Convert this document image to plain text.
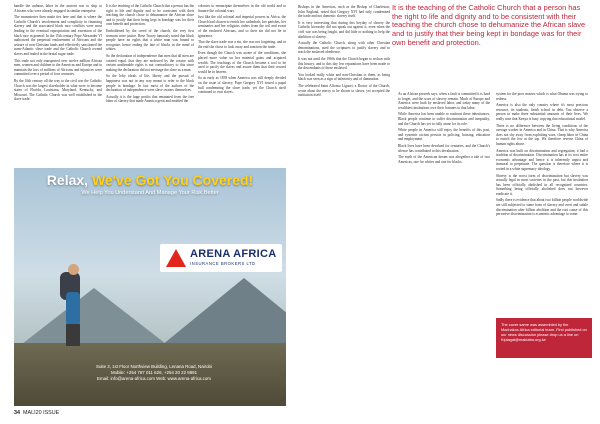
handle the ardnous labor in the ancient war to ship to Africans who were already engaged in similar enterprise.

The monasteries then made ties here and that is where the Catholic Church's involvement and complicity in financing slavery and the associated black race conflicts were most leading to the eventual expropriation and extension of the black race in general. In the 15th century Pope Alexander VI authorized the perpetual enslavement of Africans and the seizure of non-Christian lands and effectively sanctioned the trans-Atlantic slave trade and the Catholic Church owned slaves and traded in the brutal sugar trade.

This trade not only transported over twelve million African men, women and children to the Americas and Europe and to maintain the loss of millions of Africans and injustices were committed over a period of four centuries.

By the 16th century all the way to the civil war the Catholic Church was the largest slaveholder in what were to become states of Florida, Louisiana, Maryland, Kentucky, and Missouri. The Catholic Church was well established in the slave trade.

It is the teaching of the Catholic Church that a person has the right to life and dignity and to be consistent with their teaching the church chose to dehumanize the African slave and to justify that their being kept in bondage was for their own benefit and protection.

Emboldened by the creed of the church, the very first sermons were justice. Rose Tracey famously noted that black people have no rights that a white man was bound to recognize, hence ending the fate of blacks in the mind of whites.

So the declaration of independence that men that all men are created equal, that they are endowed by the creator with certain unalienable rights is not contradictory to this since making the declaration did not envisage the slave as a man.

So the lofty ideals of life, liberty and the pursuit of happiness was not in any way meant to refer to the black people in bondage. In fact most of the authors of the declaration of independence were slave owners themselves.

Actually it is the huge profits that emanated from the free labor of slavery that made America great and enabled the

colonies to emancipate themselves in the old world and to finance the colonial wars.

Just like the old colonial and imperial powers in Africa, the Church had chosen to enrich her cathedrals, her parishes, her seminaries and her religious orders from the toil and sweat of the enslaved Africans, and so their sin did not lie in ignorance.

That the slave trade was a sin, she was not forgetting, and in the end she chose to look away and sanction the trade.

Even though the Church was aware of the conditions, she placed more value on her material gains and acquired wealth. The teachings of the Church became a tool to be used to pacify the slaves and assure them that their reward would be in heaven.

So as early as 1839 when America was still deeply divided on the issue of slavery, Pope Gregory XVI issued a papal bull condemning the slave trade, yet the Church itself continued to own slaves.

Bishops in the Americas, such as the Bishop of Charleston, John England, noted that Gregory XVI had only condemned the trade and not domestic slavery itself.

It is very interesting that during this heyday of slavery the Catholic hierarchy did not speak out against it, even when the civil war was being fought, and did little or nothing to help the abolition of slavery.

Actually the Catholic Church, along with other Christian denominations, used the scriptures to justify slavery and to teach the enslaved obedience.

It was not until the 1960s that the Church began to reckon with this history, and to this day few reparations have been made to the descendants of those enslaved.

You looked really white and non-Christian to them, as being black was seen as a sign of inferiority and of damnation.

The celebrated Saint Alfonso Liguori, a Doctor of the Church, wrote about the mercy to be shown to slaves, yet accepted the institution itself.	As an African proverb says, when a fault is committed it is hard to forget, and the scars of slavery remain. Much of Europe and America were built by enslaved labor, and today many of the wealthiest institutions owe their fortunes to that labor.

While America has been unable to confront these inheritances, Black people continue to suffer discrimination and inequality, and the Church has yet to fully atone for its role.

White people in America still enjoy the benefits of this past, and systemic racism persists in policing, housing, education and employment.

Black lives have been devalued for centuries, and the Church's silence has contributed to this devaluation.

The myth of the American dream was altogether a tale of two Americas, one for whites and one for blacks.

system for the poor masses which is what Obama was trying to redress.

America is also the only country where it's most precious resource, its students, finish school in debt. You observe a person to make three substantial amounts of their lives. We really note that Kenya is busy copying that educational model.

There is no difference between the living conditions of the average worker in America and in China. That is why America does not shy away from exploiting wars, cheap labor in China to enrich the few at the top. We therefore reverse China of human rights abuse.

America was built on discrimination and segregation, it had a tradition of discrimination. Discrimination has at its root entire economic advantage and hence it is inherently unjust and immoral to perpetuate. The question is therefore where it is rooted in a white supremacy ideology.

Slavery is the worst form of discrimination but slavery was actually legal in most societies in the past, but this institution has been officially abolished in all recognized countries. Something being officially abolished does not however eradicate it.

Sadly there is evidence that about two billion people worldwide are still subjected to some form of slavery and overt and subtle discrimination after billion abolition and the root cause of this pervasive discrimination is economic advantage to some.

It is the teaching of the Catholic Church that a person has the right to life and dignity and to be consistent with their teaching the church chose to dehumanize the African slave and to justify that their being kept in bondage was for their own benefit and protection.
Relax, We've Got You Covered!
We Help You Understand And Manage Your Risk Better
ARENA AFRICA
INSURANCE BROKERS LTD
Suite 3, 1st Floor Northview Building, Lenana Road, Nairobi
Mobile: +254 787 011 626, +254 20 22 9891
Email: info@arena-africa.com Web: www.arena-africa.com
The cover same was assembled by the Machakos Africa editorial team. First published on our news discussion please drop us a line on Kiplagat@maktaba.org.ke
34 MALI20 ISSUE
